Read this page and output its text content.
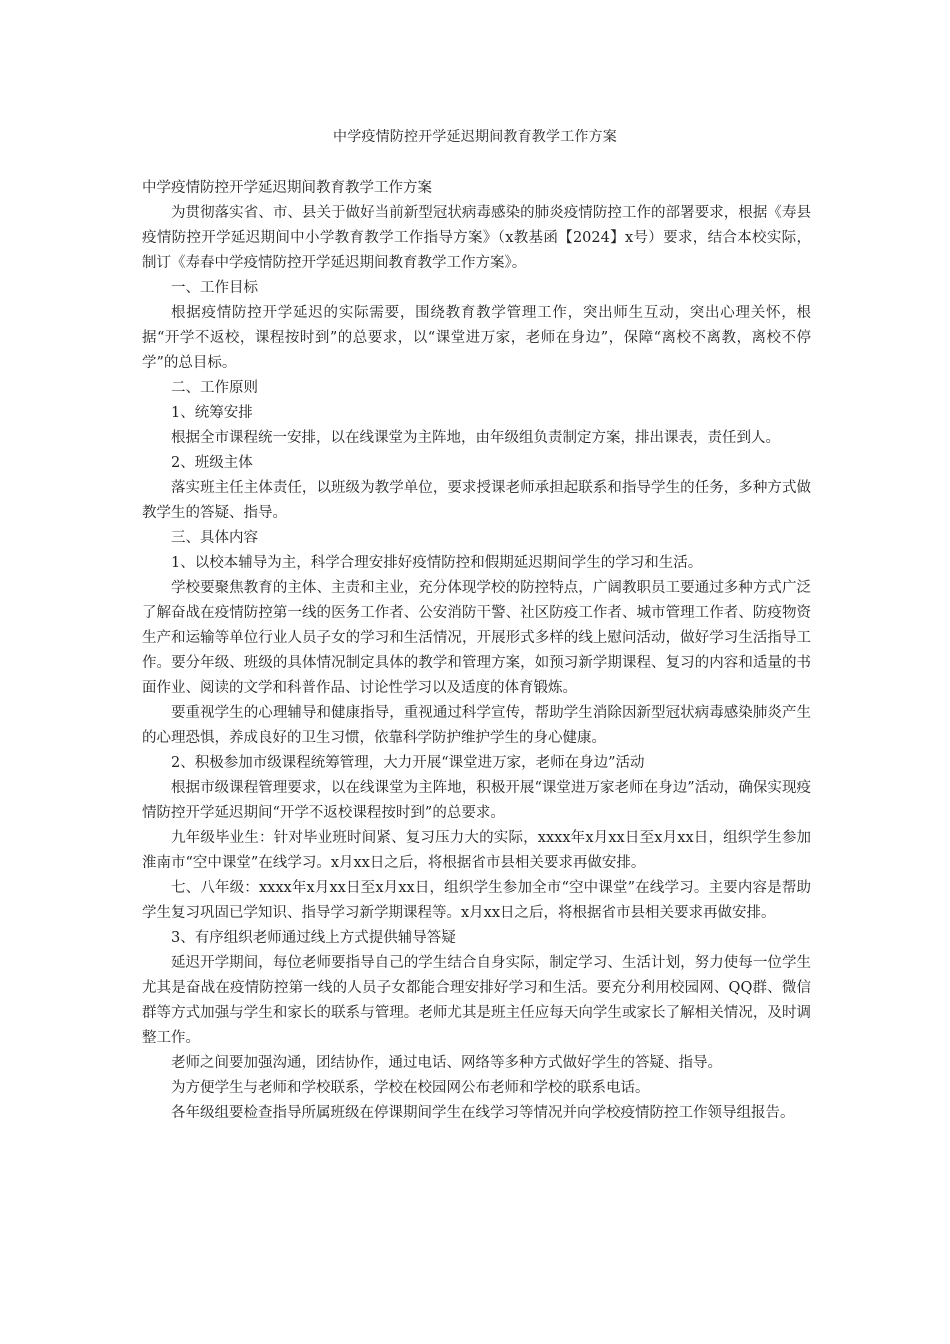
中学疫情防控开学延迟期间教育教学工作方案

中学疫情防控开学延迟期间教育教学工作方案

为贯彻落实省、市、县关于做好当前新型冠状病毒感染的肺炎疫情防控工作的部署要求，根据《寿县疫情防控开学延迟期间中小学教育教学工作指导方案》（x教基函【2024】x号）要求，结合本校实际，制订《寿春中学疫情防控开学延迟期间教育教学工作方案》。

一、工作目标

根据疫情防控开学延迟的实际需要，围绕教育教学管理工作，突出师生互动，突出心理关怀，根据“开学不返校，课程按时到”的总要求，以“课堂进万家，老师在身边”，保障“离校不离教，离校不停学”的总目标。

二、工作原则

1、统筹安排

根据全市课程统一安排，以在线课堂为主阵地，由年级组负责制定方案，排出课表，责任到人。

2、班级主体

落实班主任主体责任，以班级为教学单位，要求授课老师承担起联系和指导学生的任务，多种方式做教学生的答疑、指导。

三、具体内容

1、以校本辅导为主，科学合理安排好疫情防控和假期延迟期间学生的学习和生活。

学校要聚焦教育的主体、主责和主业，充分体现学校的防控特点，广阔教职员工要通过多种方式广泛了解奋战在疫情防控第一线的医务工作者、公安消防干警、社区防疫工作者、城市管理工作者、防疫物资生产和运输等单位行业人员子女的学习和生活情况，开展形式多样的线上慰问活动，做好学习生活指导工作。要分年级、班级的具体情况制定具体的教学和管理方案，如预习新学期课程、复习的内容和适量的书面作业、阅读的文学和科普作品、讨论性学习以及适度的体育锻炼。

要重视学生的心理辅导和健康指导，重视通过科学宣传，帮助学生消除因新型冠状病毒感染肺炎产生的心理恐惧，养成良好的卫生习惯，依靠科学防护维护学生的身心健康。

2、积极参加市级课程统筹管理，大力开展“课堂进万家，老师在身边”活动

根据市级课程管理要求，以在线课堂为主阵地，积极开展“课堂进万家老师在身边”活动，确保实现疫情防控开学延迟期间“开学不返校课程按时到”的总要求。

九年级毕业生：针对毕业班时间紧、复习压力大的实际，xxxx年x月xx日至x月xx日，组织学生参加淮南市“空中课堂”在线学习。x月xx日之后，将根据省市县相关要求再做安排。

七、八年级：xxxx年x月xx日至x月xx日，组织学生参加全市“空中课堂”在线学习。主要内容是帮助学生复习巩固已学知识、指导学习新学期课程等。x月xx日之后，将根据省市县相关要求再做安排。

3、有序组织老师通过线上方式提供辅导答疑

延迟开学期间，每位老师要指导自己的学生结合自身实际，制定学习、生活计划，努力使每一位学生尤其是奋战在疫情防控第一线的人员子女都能合理安排好学习和生活。要充分利用校园网、QQ群、微信群等方式加强与学生和家长的联系与管理。老师尤其是班主任应每天向学生或家长了解相关情况，及时调整工作。

老师之间要加强沟通，团结协作，通过电话、网络等多种方式做好学生的答疑、指导。

为方便学生与老师和学校联系，学校在校园网公布老师和学校的联系电话。

各年级组要检查指导所属班级在停课期间学生在线学习等情况并向学校疫情防控工作领导组报告。
